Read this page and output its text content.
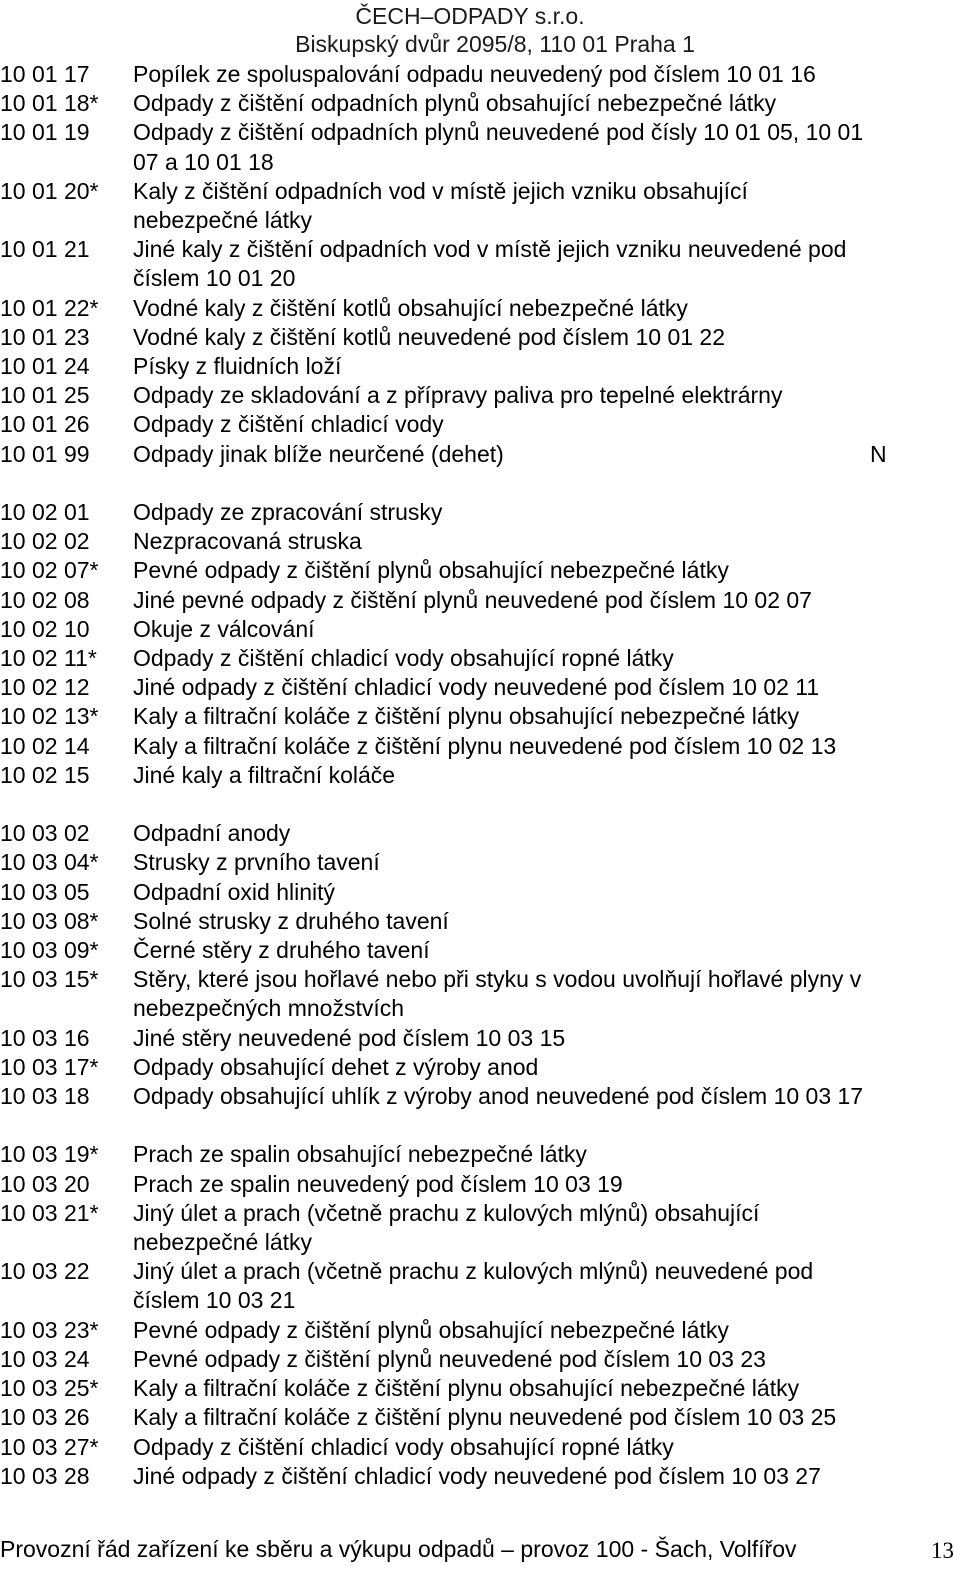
ČECH–ODPADY s.r.o.
Biskupský dvůr 2095/8, 110 01 Praha 1
10 01 17	Popílek ze spoluspalování odpadu neuvedený pod číslem 10 01 16
10 01 18*	Odpady z čištění odpadních plynů obsahující nebezpečné látky
10 01 19	Odpady z čištění odpadních plynů neuvedené pod čísly 10 01 05, 10 01 07 a 10 01 18
10 01 20*	Kaly z čištění odpadních vod v místě jejich vzniku obsahující nebezpečné látky
10 01 21	Jiné kaly z čištění odpadních vod v místě jejich vzniku neuvedené pod číslem 10 01 20
10 01 22*	Vodné kaly z čištění kotlů obsahující nebezpečné látky
10 01 23	Vodné kaly z čištění kotlů neuvedené pod číslem 10 01 22
10 01 24	Písky z fluidních loží
10 01 25	Odpady ze skladování a z přípravy paliva pro tepelné elektrárny
10 01 26	Odpady z čištění chladicí vody
10 01 99	Odpady jinak blíže neurčené (dehet)	N
10 02 01	Odpady ze zpracování strusky
10 02 02	Nezpracovaná struska
10 02 07*	Pevné odpady z čištění plynů obsahující nebezpečné látky
10 02 08	Jiné pevné odpady z čištění plynů neuvedené pod číslem 10 02 07
10 02 10	Okuje z válcování
10 02 11*	Odpady z čištění chladicí vody obsahující ropné látky
10 02 12	Jiné odpady z čištění chladicí vody neuvedené pod číslem 10 02 11
10 02 13*	Kaly a filtrační koláče z čištění plynu obsahující nebezpečné látky
10 02 14	Kaly a filtrační koláče z čištění plynu neuvedené pod číslem 10 02 13
10 02 15	Jiné kaly a filtrační koláče
10 03 02	Odpadní anody
10 03 04*	Strusky z prvního tavení
10 03 05	Odpadní oxid hlinitý
10 03 08*	Solné strusky z druhého tavení
10 03 09*	Černé stěry z druhého tavení
10 03 15*	Stěry, které jsou hořlavé nebo při styku s vodou uvolňují hořlavé plyny v nebezpečných množstvích
10 03 16	Jiné stěry neuvedené pod číslem 10 03 15
10 03 17*	Odpady obsahující dehet z výroby anod
10 03 18	Odpady obsahující uhlík z výroby anod neuvedené pod číslem 10 03 17
10 03 19*	Prach ze spalin obsahující nebezpečné látky
10 03 20	Prach ze spalin neuvedený pod číslem 10 03 19
10 03 21*	Jiný úlet a prach (včetně prachu z kulových mlýnů) obsahující nebezpečné látky
10 03 22	Jiný úlet a prach (včetně prachu z kulových mlýnů) neuvedené pod číslem 10 03 21
10 03 23*	Pevné odpady z čištění plynů obsahující nebezpečné látky
10 03 24	Pevné odpady z čištění plynů neuvedené pod číslem 10 03 23
10 03 25*	Kaly a filtrační koláče z čištění plynu obsahující nebezpečné látky
10 03 26	Kaly a filtrační koláče z čištění plynu neuvedené pod číslem 10 03 25
10 03 27*	Odpady z čištění chladicí vody obsahující ropné látky
10 03 28	Jiné odpady z čištění chladicí vody neuvedené pod číslem 10 03 27
Provozní řád zařízení ke sběru a výkupu odpadů – provoz 100 - Šach, Volfířov	13
